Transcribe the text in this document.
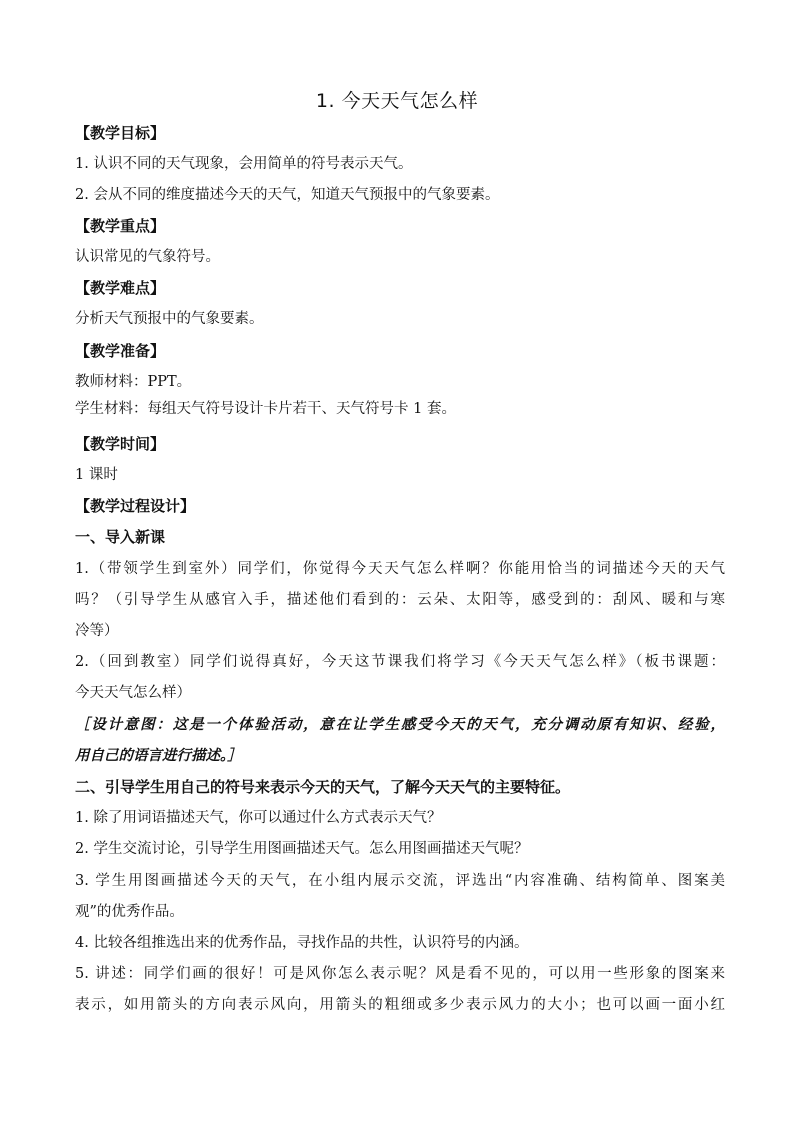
1. 今天天气怎么样
【教学目标】
1. 认识不同的天气现象，会用简单的符号表示天气。
2. 会从不同的维度描述今天的天气，知道天气预报中的气象要素。
【教学重点】
认识常见的气象符号。
【教学难点】
分析天气预报中的气象要素。
【教学准备】
教师材料：PPT。
学生材料：每组天气符号设计卡片若干、天气符号卡 1 套。
【教学时间】
1 课时
【教学过程设计】
一、导入新课
1.（带领学生到室外）同学们，你觉得今天天气怎么样啊？你能用恰当的词描述今天的天气
吗？（引导学生从感官入手，描述他们看到的：云朵、太阳等，感受到的：刮风、暖和与寒
冷等）
2.（回到教室）同学们说得真好，今天这节课我们将学习《今天天气怎么样》（板书课题：
今天天气怎么样）
［设计意图：这是一个体验活动，意在让学生感受今天的天气，充分调动原有知识、经验，
用自己的语言进行描述。］
二、引导学生用自己的符号来表示今天的天气，了解今天天气的主要特征。
1. 除了用词语描述天气，你可以通过什么方式表示天气？
2. 学生交流讨论，引导学生用图画描述天气。怎么用图画描述天气呢？
3. 学生用图画描述今天的天气，在小组内展示交流，评选出“内容准确、结构简单、图案美
观”的优秀作品。
4. 比较各组推选出来的优秀作品，寻找作品的共性，认识符号的内涵。
5. 讲述：同学们画的很好！可是风你怎么表示呢？风是看不见的，可以用一些形象的图案来
表示，如用箭头的方向表示风向，用箭头的粗细或多少表示风力的大小；也可以画一面小红
